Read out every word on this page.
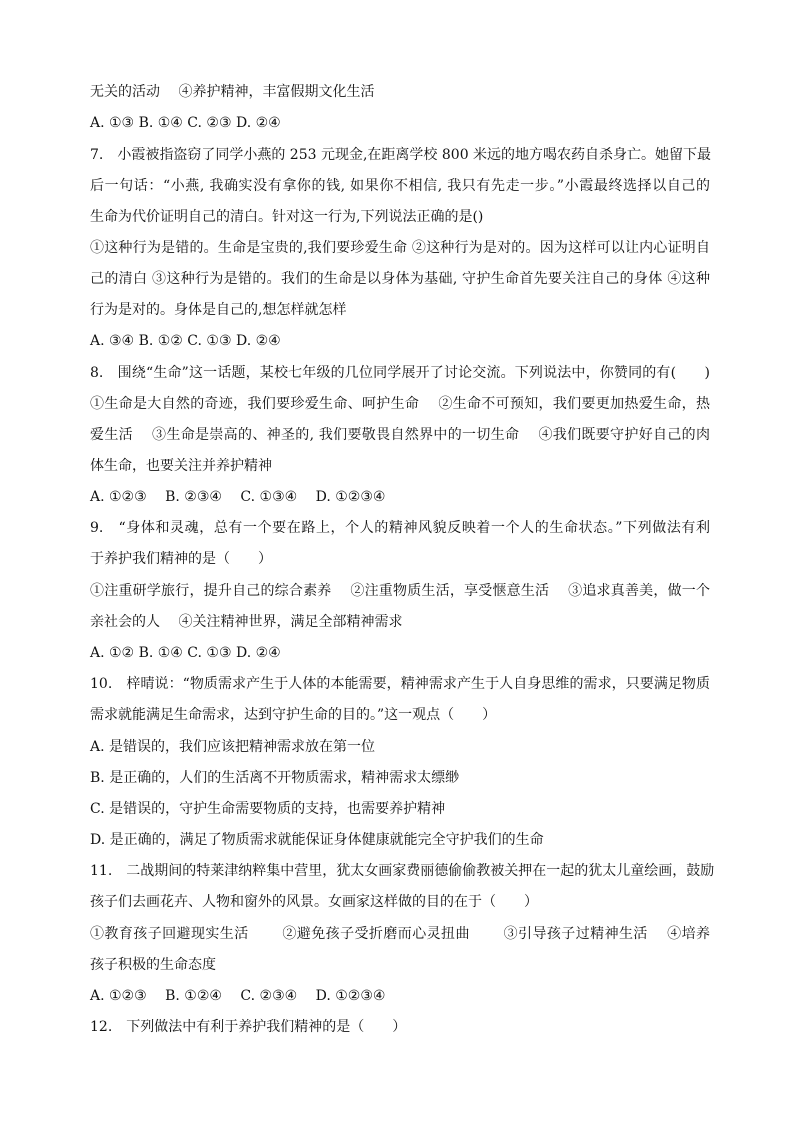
无关的活动　 ④养护精神，丰富假期文化生活
A. ①③ B. ①④ C. ②③ D. ②④
7.　小霞被指盗窃了同学小燕的 253 元现金,在距离学校 800 米远的地方喝农药自杀身亡。她留下最
后一句话：“小燕, 我确实没有拿你的钱, 如果你不相信, 我只有先走一步。”小霞最终选择以自己的
生命为代价证明自己的清白。针对这一行为,下列说法正确的是()
①这种行为是错的。生命是宝贵的,我们要珍爱生命 ②这种行为是对的。因为这样可以让内心证明自
己的清白 ③这种行为是错的。我们的生命是以身体为基础, 守护生命首先要关注自己的身体 ④这种
行为是对的。身体是自己的,想怎样就怎样
A. ③④ B. ①② C. ①③ D. ②④
8.　围绕“生命”这一话题，某校七年级的几位同学展开了讨论交流。下列说法中，你赞同的有(　　)
①生命是大自然的奇迹，我们要珍爱生命、呵护生命　 ②生命不可预知，我们要更加热爱生命，热
爱生活　 ③生命是崇高的、神圣的, 我们要敬畏自然界中的一切生命　 ④我们既要守护好自己的肉
体生命，也要关注并养护精神
A. ①②③　 B. ②③④　 C. ①③④　 D. ①②③④
9.　“身体和灵魂，总有一个要在路上，个人的精神风貌反映着一个人的生命状态。”下列做法有利
于养护我们精神的是（　　）
①注重研学旅行，提升自己的综合素养　 ②注重物质生活，享受惬意生活　 ③追求真善美，做一个
亲社会的人　 ④关注精神世界，满足全部精神需求
A. ①② B. ①④ C. ①③ D. ②④
10.　梓晴说：“物质需求产生于人体的本能需要，精神需求产生于人自身思维的需求，只要满足物质
需求就能满足生命需求，达到守护生命的目的。”这一观点（　　）
A. 是错误的，我们应该把精神需求放在第一位
B. 是正确的，人们的生活离不开物质需求，精神需求太缥缈
C. 是错误的，守护生命需要物质的支持，也需要养护精神
D. 是正确的，满足了物质需求就能保证身体健康就能完全守护我们的生命
11.　二战期间的特莱津纳粹集中营里，犹太女画家费丽德偷偷教被关押在一起的犹太儿童绘画，鼓励
孩子们去画花卉、人物和窗外的风景。女画家这样做的目的在于（　　）
①教育孩子回避现实生活　　 ②避免孩子受折磨而心灵扭曲　　 ③引导孩子过精神生活　 ④培养
孩子积极的生命态度
A. ①②③　 B. ①②④　 C. ②③④　 D. ①②③④
12.　下列做法中有利于养护我们精神的是（　　）
